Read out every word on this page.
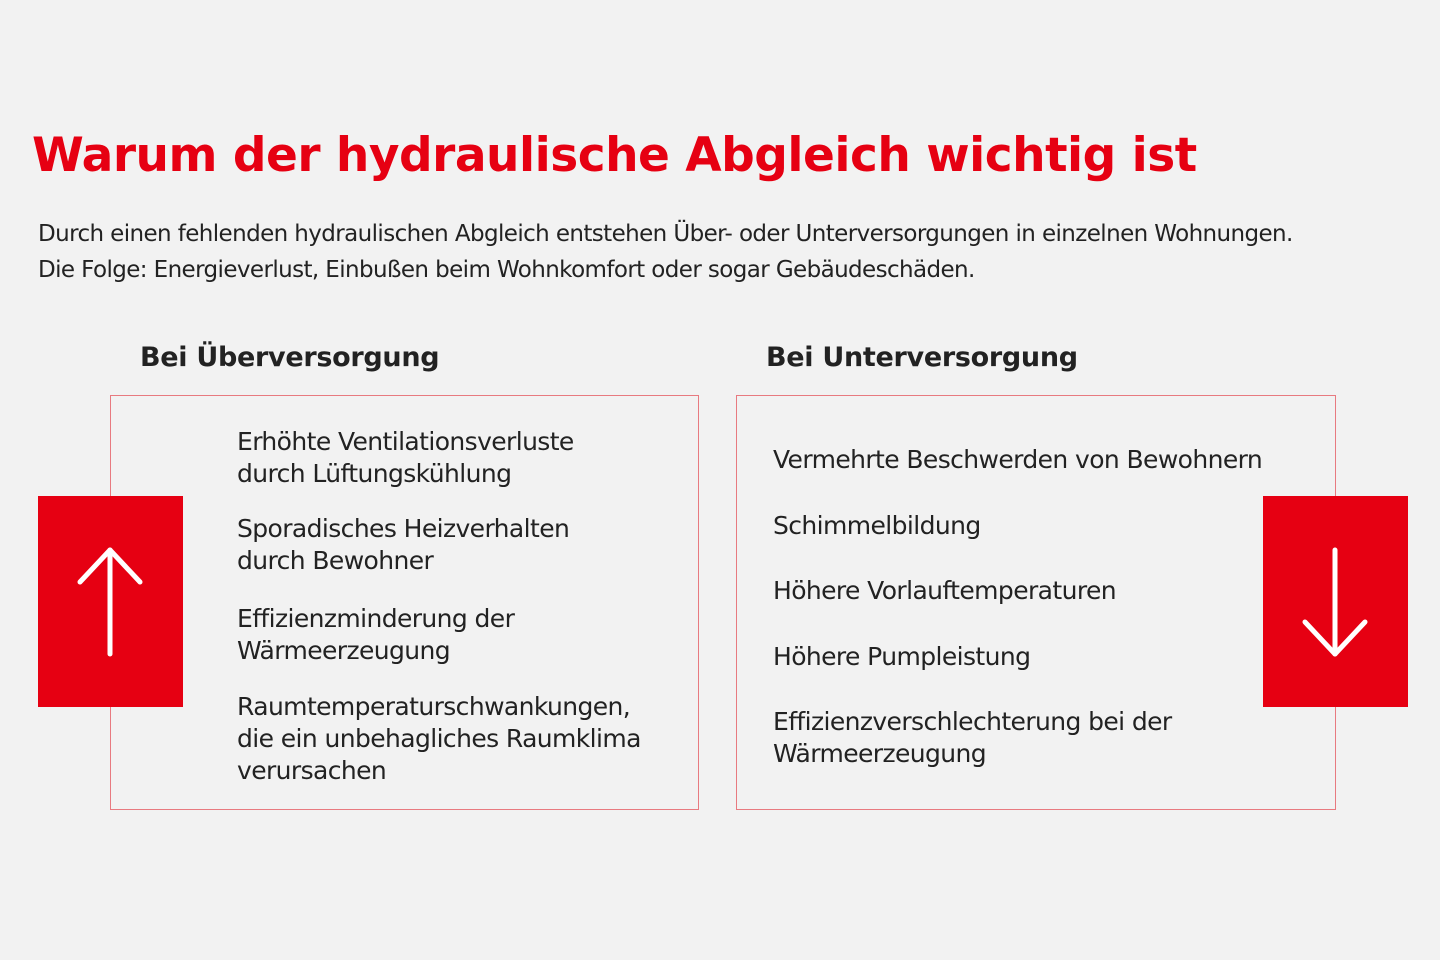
Warum der hydraulische Abgleich wichtig ist
Durch einen fehlenden hydraulischen Abgleich entstehen Über- oder Unterversorgungen in einzelnen Wohnungen.
Die Folge: Energieverlust, Einbußen beim Wohnkomfort oder sogar Gebäudeschäden.
Bei Überversorgung
Erhöhte Ventilationsverluste
durch Lüftungskühlung
Sporadisches Heizverhalten
durch Bewohner
Effizienzminderung der
Wärmeerzeugung
Raumtemperaturschwankungen,
die ein unbehagliches Raumklima
verursachen
Bei Unterversorgung
Vermehrte Beschwerden von Bewohnern
Schimmelbildung
Höhere Vorlauftemperaturen
Höhere Pumpleistung
Effizienzverschlechterung bei der
Wärmeerzeugung
